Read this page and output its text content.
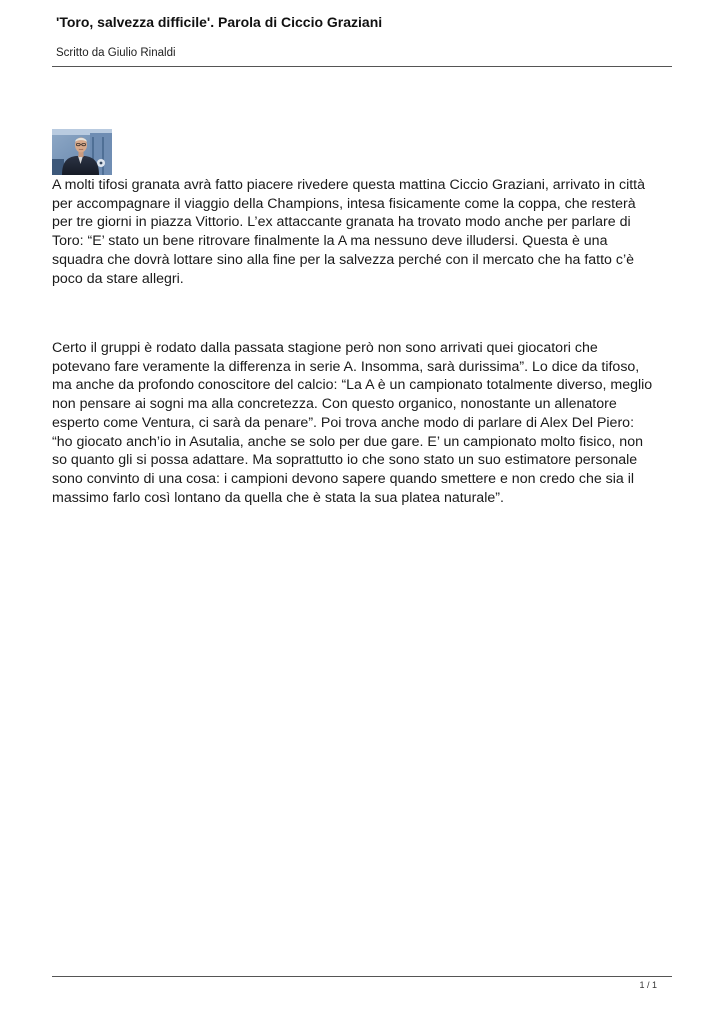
'Toro, salvezza difficile'. Parola di Ciccio Graziani
Scritto da Giulio Rinaldi
A molti tifosi granata avrà fatto piacere rivedere questa mattina Ciccio Graziani, arrivato in città
per accompagnare il viaggio della Champions, intesa fisicamente come la coppa, che resterà
per tre giorni in piazza Vittorio. L’ex attaccante granata ha trovato modo anche per parlare di
Toro: “E’ stato un bene ritrovare finalmente la A ma nessuno deve illudersi. Questa è una
squadra che dovrà lottare sino alla fine per la salvezza perché con il mercato che ha fatto c’è
poco da stare allegri.
Certo il gruppi è rodato dalla passata stagione però non sono arrivati quei giocatori che
potevano fare veramente la differenza in serie A. Insomma, sarà durissima”. Lo dice da tifoso,
ma anche da profondo conoscitore del calcio: “La A è un campionato totalmente diverso, meglio
non pensare ai sogni ma alla concretezza. Con questo organico, nonostante un allenatore
esperto come Ventura, ci sarà da penare”. Poi trova anche modo di parlare di Alex Del Piero:
“ho giocato anch’io in Asutalia, anche se solo per due gare. E’ un campionato molto fisico, non
so quanto gli si possa adattare. Ma soprattutto io che sono stato un suo estimatore personale
sono convinto di una cosa: i campioni devono sapere quando smettere e non credo che sia il
massimo farlo così lontano da quella che è stata la sua platea naturale”.
1 / 1
